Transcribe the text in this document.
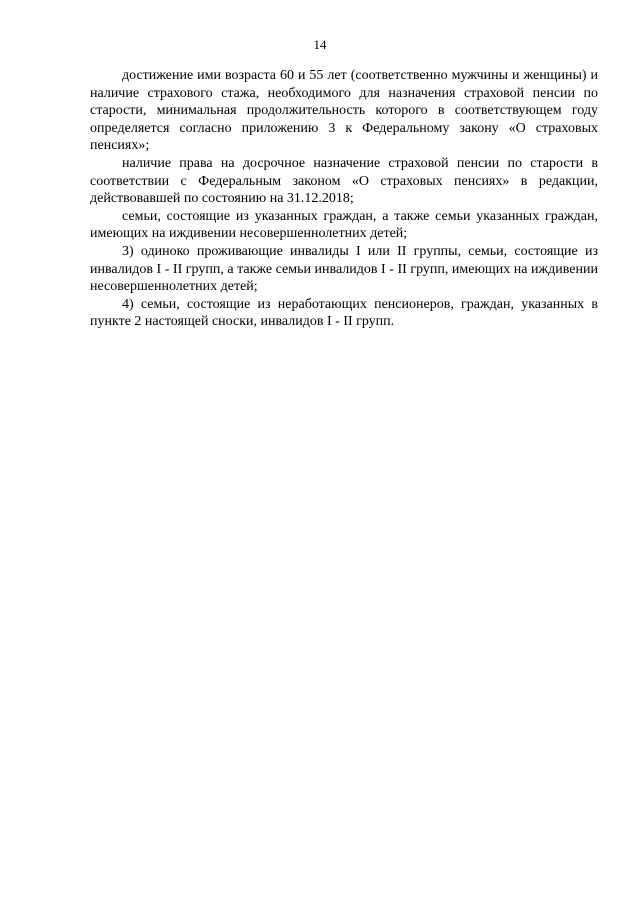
14

достижение ими возраста 60 и 55 лет (соответственно мужчины и женщины) и наличие страхового стажа, необходимого для назначения страховой пенсии по старости, минимальная продолжительность которого в соответствующем году определяется согласно приложению 3 к Федеральному закону «О страховых пенсиях»;

наличие права на досрочное назначение страховой пенсии по старости в соответствии с Федеральным законом «О страховых пенсиях» в редакции, действовавшей по состоянию на 31.12.2018;

семьи, состоящие из указанных граждан, а также семьи указанных граждан, имеющих на иждивении несовершеннолетних детей;

3) одиноко проживающие инвалиды I или II группы, семьи, состоящие из инвалидов I - II групп, а также семьи инвалидов I - II групп, имеющих на иждивении несовершеннолетних детей;

4) семьи, состоящие из неработающих пенсионеров, граждан, указанных в пункте 2 настоящей сноски, инвалидов I - II групп.
